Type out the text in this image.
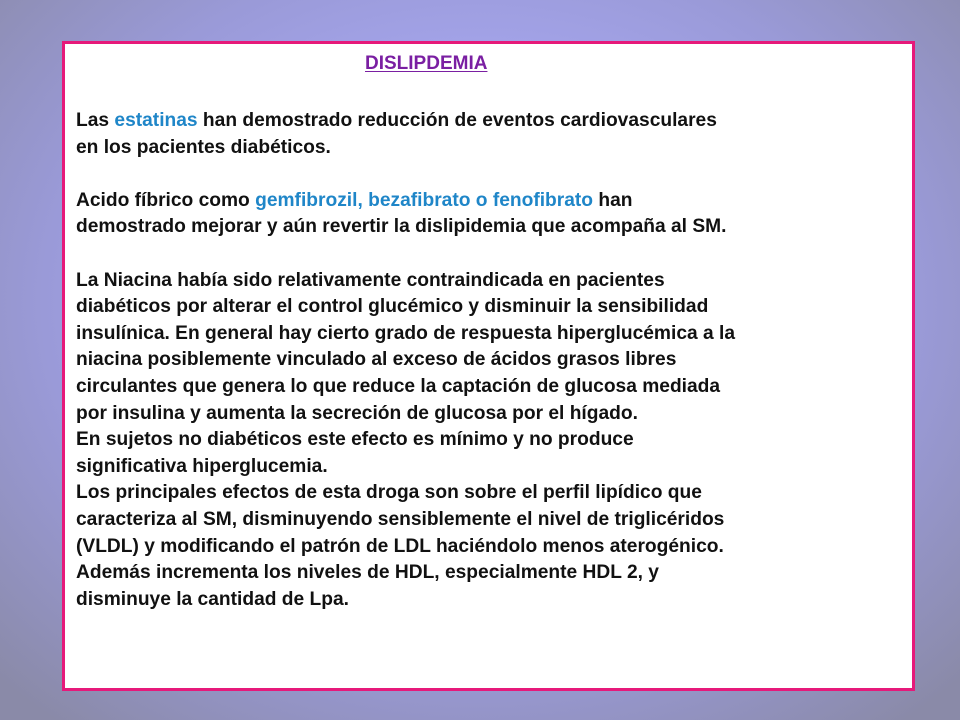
DISLIPDEMIA
Las estatinas han demostrado reducción de eventos cardiovasculares
en los pacientes diabéticos.
Acido fíbrico como gemfibrozil, bezafibrato o fenofibrato han
demostrado mejorar y aún revertir la dislipidemia que acompaña al SM.
La Niacina había sido relativamente contraindicada en pacientes
diabéticos por alterar el control glucémico y disminuir la sensibilidad
insulínica. En general hay cierto grado de respuesta hiperglucémica a la
niacina posiblemente vinculado al exceso de ácidos grasos libres
circulantes que genera lo que reduce la captación de glucosa mediada
por insulina y aumenta la secreción de glucosa por el hígado.
En sujetos no diabéticos este efecto es mínimo y no produce
significativa hiperglucemia.
Los principales efectos de esta droga son sobre el perfil lipídico que
caracteriza al SM, disminuyendo sensiblemente el nivel de triglicéridos
(VLDL) y modificando el patrón de LDL haciéndolo menos aterogénico.
Además incrementa los niveles de HDL, especialmente HDL 2, y
disminuye la cantidad de Lpa.
